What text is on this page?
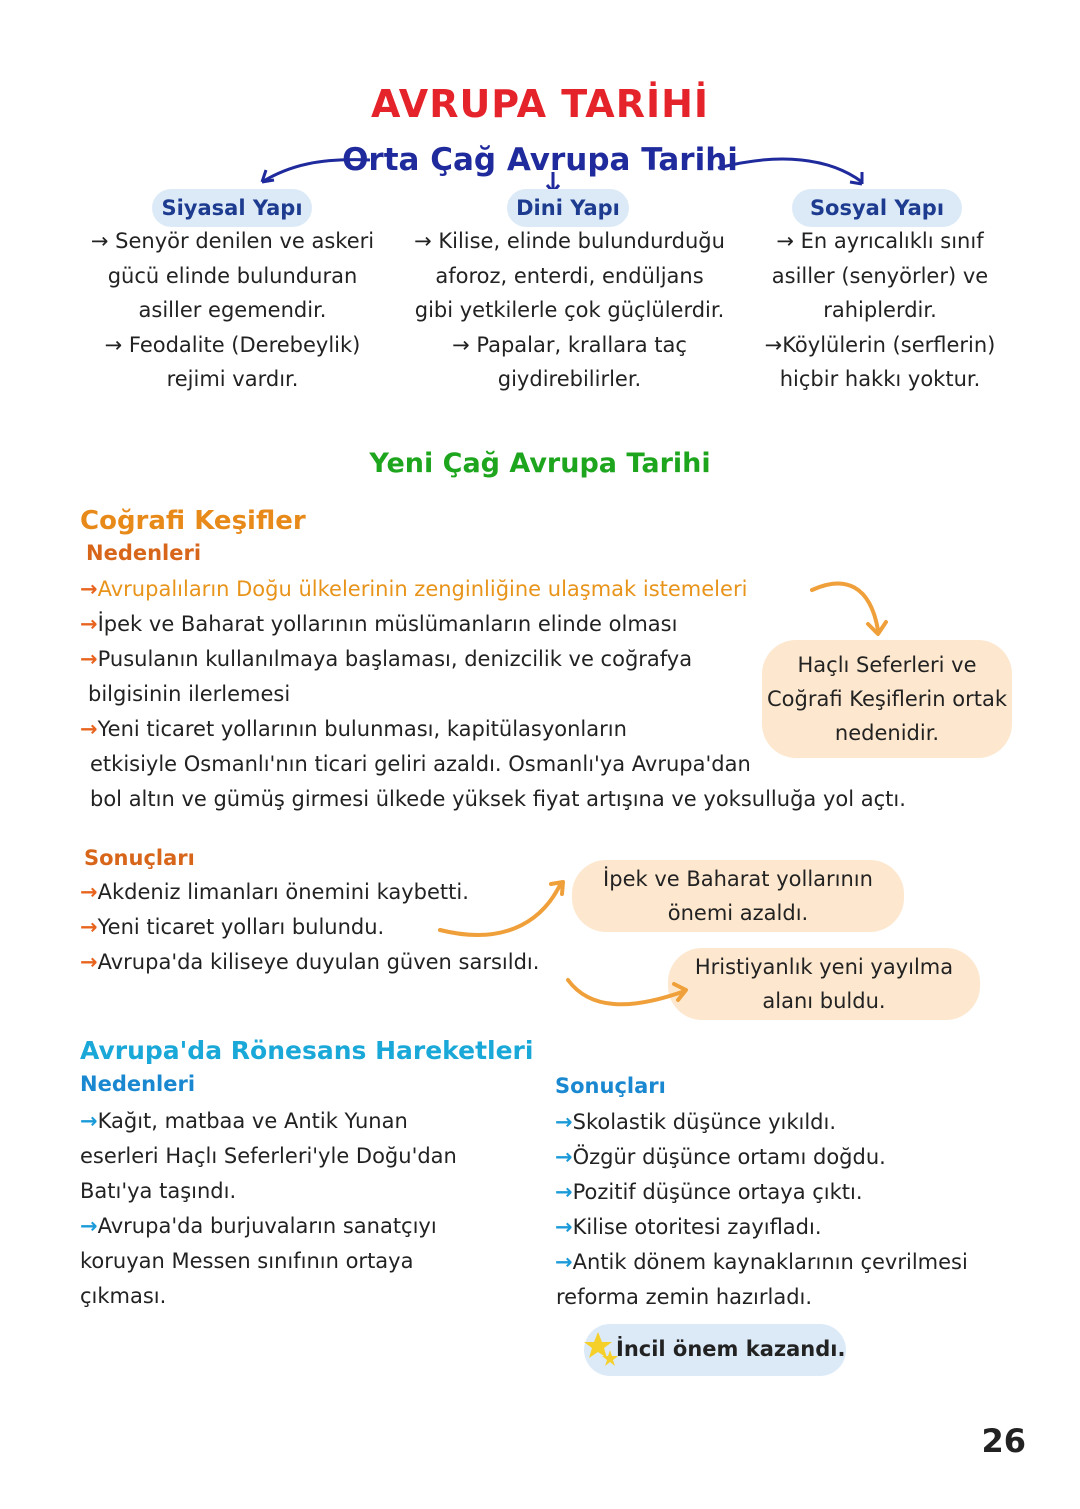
AVRUPA TARİHİ
Orta Çağ Avrupa Tarihi
Siyasal Yapı
→ Senyör denilen ve askeri
gücü elinde bulunduran
asiller egemendir.
→ Feodalite (Derebeylik)
rejimi vardır.
Dini Yapı
→ Kilise, elinde bulundurduğu
aforoz, enterdi, endüljans
gibi yetkilerle çok güçlülerdir.
→ Papalar, krallara taç
giydirebilirler.
Sosyal Yapı
→ En ayrıcalıklı sınıf
asiller (senyörler) ve
rahiplerdir.
→Köylülerin (serflerin)
hiçbir hakkı yoktur.
Yeni Çağ Avrupa Tarihi
Coğrafi Keşifler
Nedenleri
→Avrupalıların Doğu ülkelerinin zenginliğine ulaşmak istemeleri
→İpek ve Baharat yollarının müslümanların elinde olması
→Pusulanın kullanılmaya başlaması, denizcilik ve coğrafya
bilgisinin ilerlemesi
→Yeni ticaret yollarının bulunması, kapitülasyonların
etkisiyle Osmanlı'nın ticari geliri azaldı. Osmanlı'ya Avrupa'dan
bol altın ve gümüş girmesi ülkede yüksek fiyat artışına ve yoksulluğa yol açtı.
Haçlı Seferleri ve Coğrafi Keşiflerin ortak nedenidir.
Sonuçları
→Akdeniz limanları önemini kaybetti.
→Yeni ticaret yolları bulundu.
→Avrupa'da kiliseye duyulan güven sarsıldı.
İpek ve Baharat yollarının önemi azaldı.
Hristiyanlık yeni yayılma alanı buldu.
Avrupa'da Rönesans Hareketleri
Nedenleri
→Kağıt, matbaa ve Antik Yunan eserleri Haçlı Seferleri'yle Doğu'dan Batı'ya taşındı.
→Avrupa'da burjuvaların sanatçıyı koruyan Messen sınıfının ortaya çıkması.
Sonuçları
→Skolastik düşünce yıkıldı.
→Özgür düşünce ortamı doğdu.
→Pozitif düşünce ortaya çıktı.
→Kilise otoritesi zayıfladı.
→Antik dönem kaynaklarının çevrilmesi
reforma zemin hazırladı.
İncil önem kazandı.
26
